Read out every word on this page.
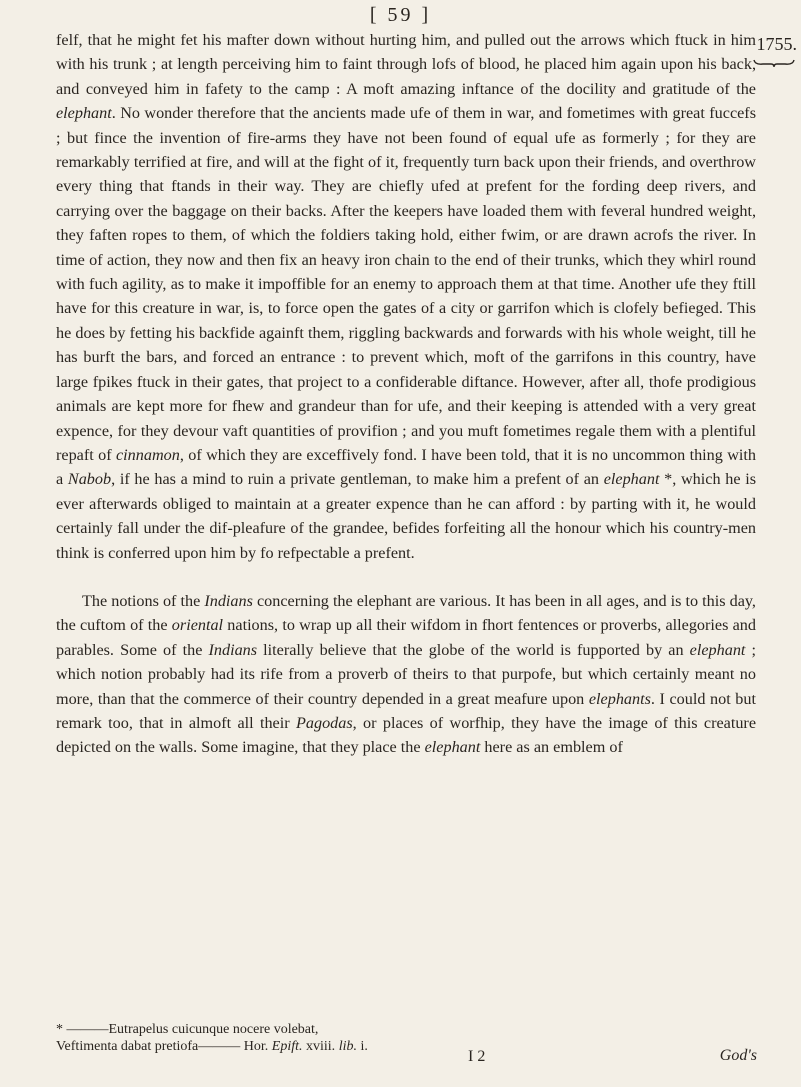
[ 59 ]
1755.

felf, that he might fet his mafter down without hurting him, and pulled out the arrows which ftuck in him with his trunk ; at length perceiving him to faint through lofs of blood, he placed him again upon his back, and conveyed him in fafety to the camp : A moft amazing inftance of the docility and gratitude of the elephant. No wonder therefore that the ancients made ufe of them in war, and fometimes with great fuccefs ; but fince the invention of fire-arms they have not been found of equal ufe as formerly ; for they are remarkably terrified at fire, and will at the fight of it, frequently turn back upon their friends, and overthrow every thing that ftands in their way. They are chiefly ufed at prefent for the fording deep rivers, and carrying over the baggage on their backs. After the keepers have loaded them with feveral hundred weight, they faften ropes to them, of which the foldiers taking hold, either fwim, or are drawn acrofs the river. In time of action, they now and then fix an heavy iron chain to the end of their trunks, which they whirl round with fuch agility, as to make it impoffible for an enemy to approach them at that time. Another ufe they ftill have for this creature in war, is, to force open the gates of a city or garrifon which is clofely befieged. This he does by fetting his backfide againft them, riggling backwards and forwards with his whole weight, till he has burft the bars, and forced an entrance : to prevent which, moft of the garrifons in this country, have large fpikes ftuck in their gates, that project to a confiderable diftance. However, after all, thofe prodigious animals are kept more for fhew and grandeur than for ufe, and their keeping is attended with a very great expence, for they devour vaft quantities of provifion ; and you muft fometimes regale them with a plentiful repaft of cinnamon, of which they are exceffively fond. I have been told, that it is no uncommon thing with a Nabob, if he has a mind to ruin a private gentleman, to make him a prefent of an elephant *, which he is ever afterwards obliged to maintain at a greater expence than he can afford : by parting with it, he would certainly fall under the dif-pleafure of the grandee, befides forfeiting all the honour which his country-men think is conferred upon him by fo refpectable a prefent.

The notions of the Indians concerning the elephant are various. It has been in all ages, and is to this day, the cuftom of the oriental nations, to wrap up all their wifdom in fhort fentences or proverbs, allegories and parables. Some of the Indians literally believe that the globe of the world is fupported by an elephant ; which notion probably had its rife from a proverb of theirs to that purpofe, but which certainly meant no more, than that the commerce of their country depended in a great meafure upon elephants. I could not but remark too, that in almoft all their Pagodas, or places of worfhip, they have the image of this creature depicted on the walls. Some imagine, that they place the elephant here as an emblem of

* ———Eutrapelus cuicunque nocere volebat,
Veftimenta dabat pretiofa——— Hor. Epift. xviii. lib. i.
I 2	God's
